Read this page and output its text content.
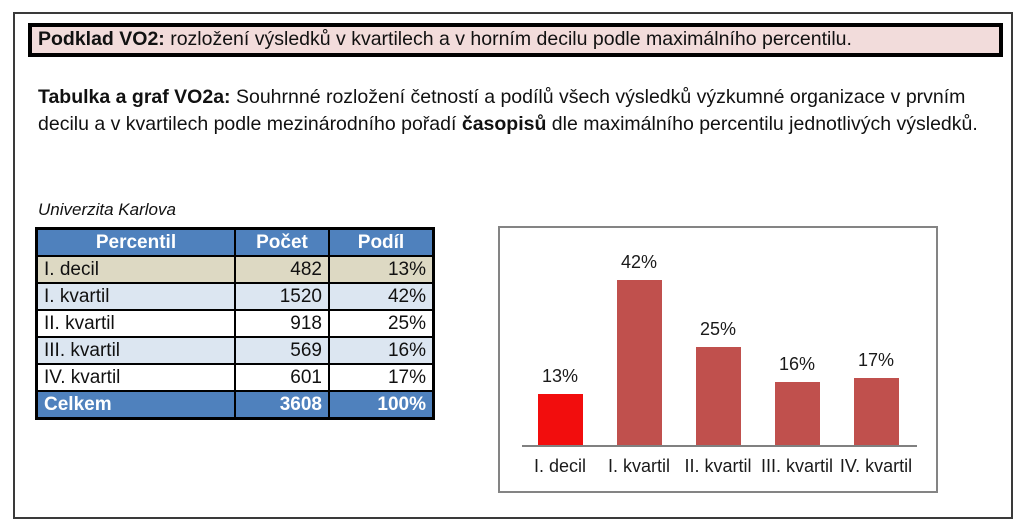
Podklad VO2: rozložení výsledků v kvartilech a v horním decilu podle maximálního percentilu.

Tabulka a graf VO2a: Souhrnné rozložení četností a podílů všech výsledků výzkumné organizace v prvním decilu a v kvartilech podle mezinárodního pořadí časopisů dle maximálního percentilu jednotlivých výsledků.

Univerzita Karlova
Percentil	Počet	Podíl
I. decil	482	13%
I. kvartil	1520	42%
II. kvartil	918	25%
III. kvartil	569	16%
IV. kvartil	601	17%
Celkem	3608	100%
13%
I. decil
42%
I. kvartil
25%
II. kvartil
16%
III. kvartil
17%
IV. kvartil
